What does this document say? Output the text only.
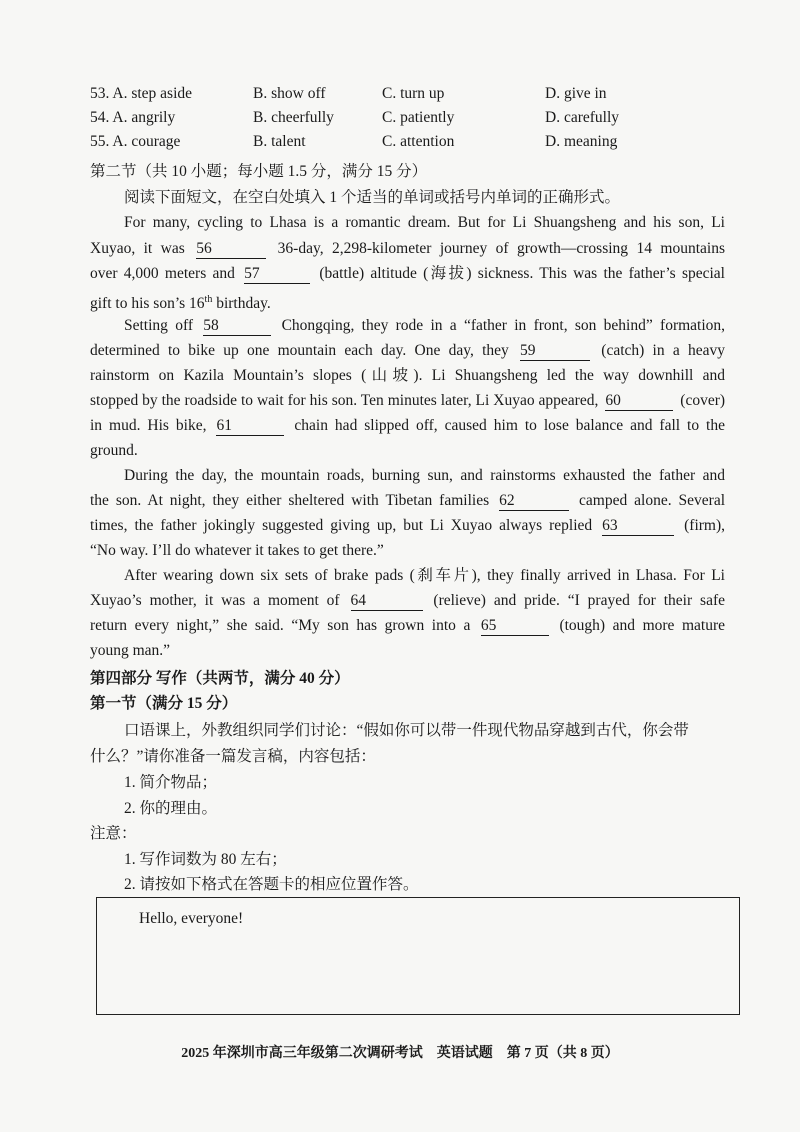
53. A. step aside	B. show off	C. turn up	D. give in
54. A. angrily	B. cheerfully	C. patiently	D. carefully
55. A. courage	B. talent	C. attention	D. meaning
第二节（共 10 小题；每小题 1.5 分，满分 15 分）
阅读下面短文，在空白处填入 1 个适当的单词或括号内单词的正确形式。
For many, cycling to Lhasa is a romantic dream. But for Li Shuangsheng and his son, Li
Xuyao, it was 56	36-day, 2,298-kilometer journey of growth—crossing 14 mountains
over 4,000 meters and 57	(battle) altitude (海拔) sickness. This was the father’s special
gift to his son’s 16th birthday.
Setting off 58	Chongqing, they rode in a “father in front, son behind” formation,
determined to bike up one mountain each day. One day, they 59	(catch) in a heavy
rainstorm on Kazila Mountain’s slopes (山坡). Li Shuangsheng led the way downhill and
stopped by the roadside to wait for his son. Ten minutes later, Li Xuyao appeared, 60	(cover)
in mud. His bike, 61	chain had slipped off, caused him to lose balance and fall to the
ground.
During the day, the mountain roads, burning sun, and rainstorms exhausted the father and
the son. At night, they either sheltered with Tibetan families 62	camped alone. Several
times, the father jokingly suggested giving up, but Li Xuyao always replied 63	(firm),
“No way. I’ll do whatever it takes to get there.”
After wearing down six sets of brake pads (刹车片), they finally arrived in Lhasa. For Li
Xuyao’s mother, it was a moment of 64	(relieve) and pride. “I prayed for their safe
return every night,” she said. “My son has grown into a 65	(tough) and more mature
young man.”
第四部分 写作（共两节，满分 40 分）
第一节（满分 15 分）
口语课上，外教组织同学们讨论：“假如你可以带一件现代物品穿越到古代，你会带
什么？”请你准备一篇发言稿，内容包括：
1. 简介物品；
2. 你的理由。
注意：
1. 写作词数为 80 左右；
2. 请按如下格式在答题卡的相应位置作答。
Hello, everyone!
2025 年深圳市高三年级第二次调研考试　英语试题　第 7 页（共 8 页）
